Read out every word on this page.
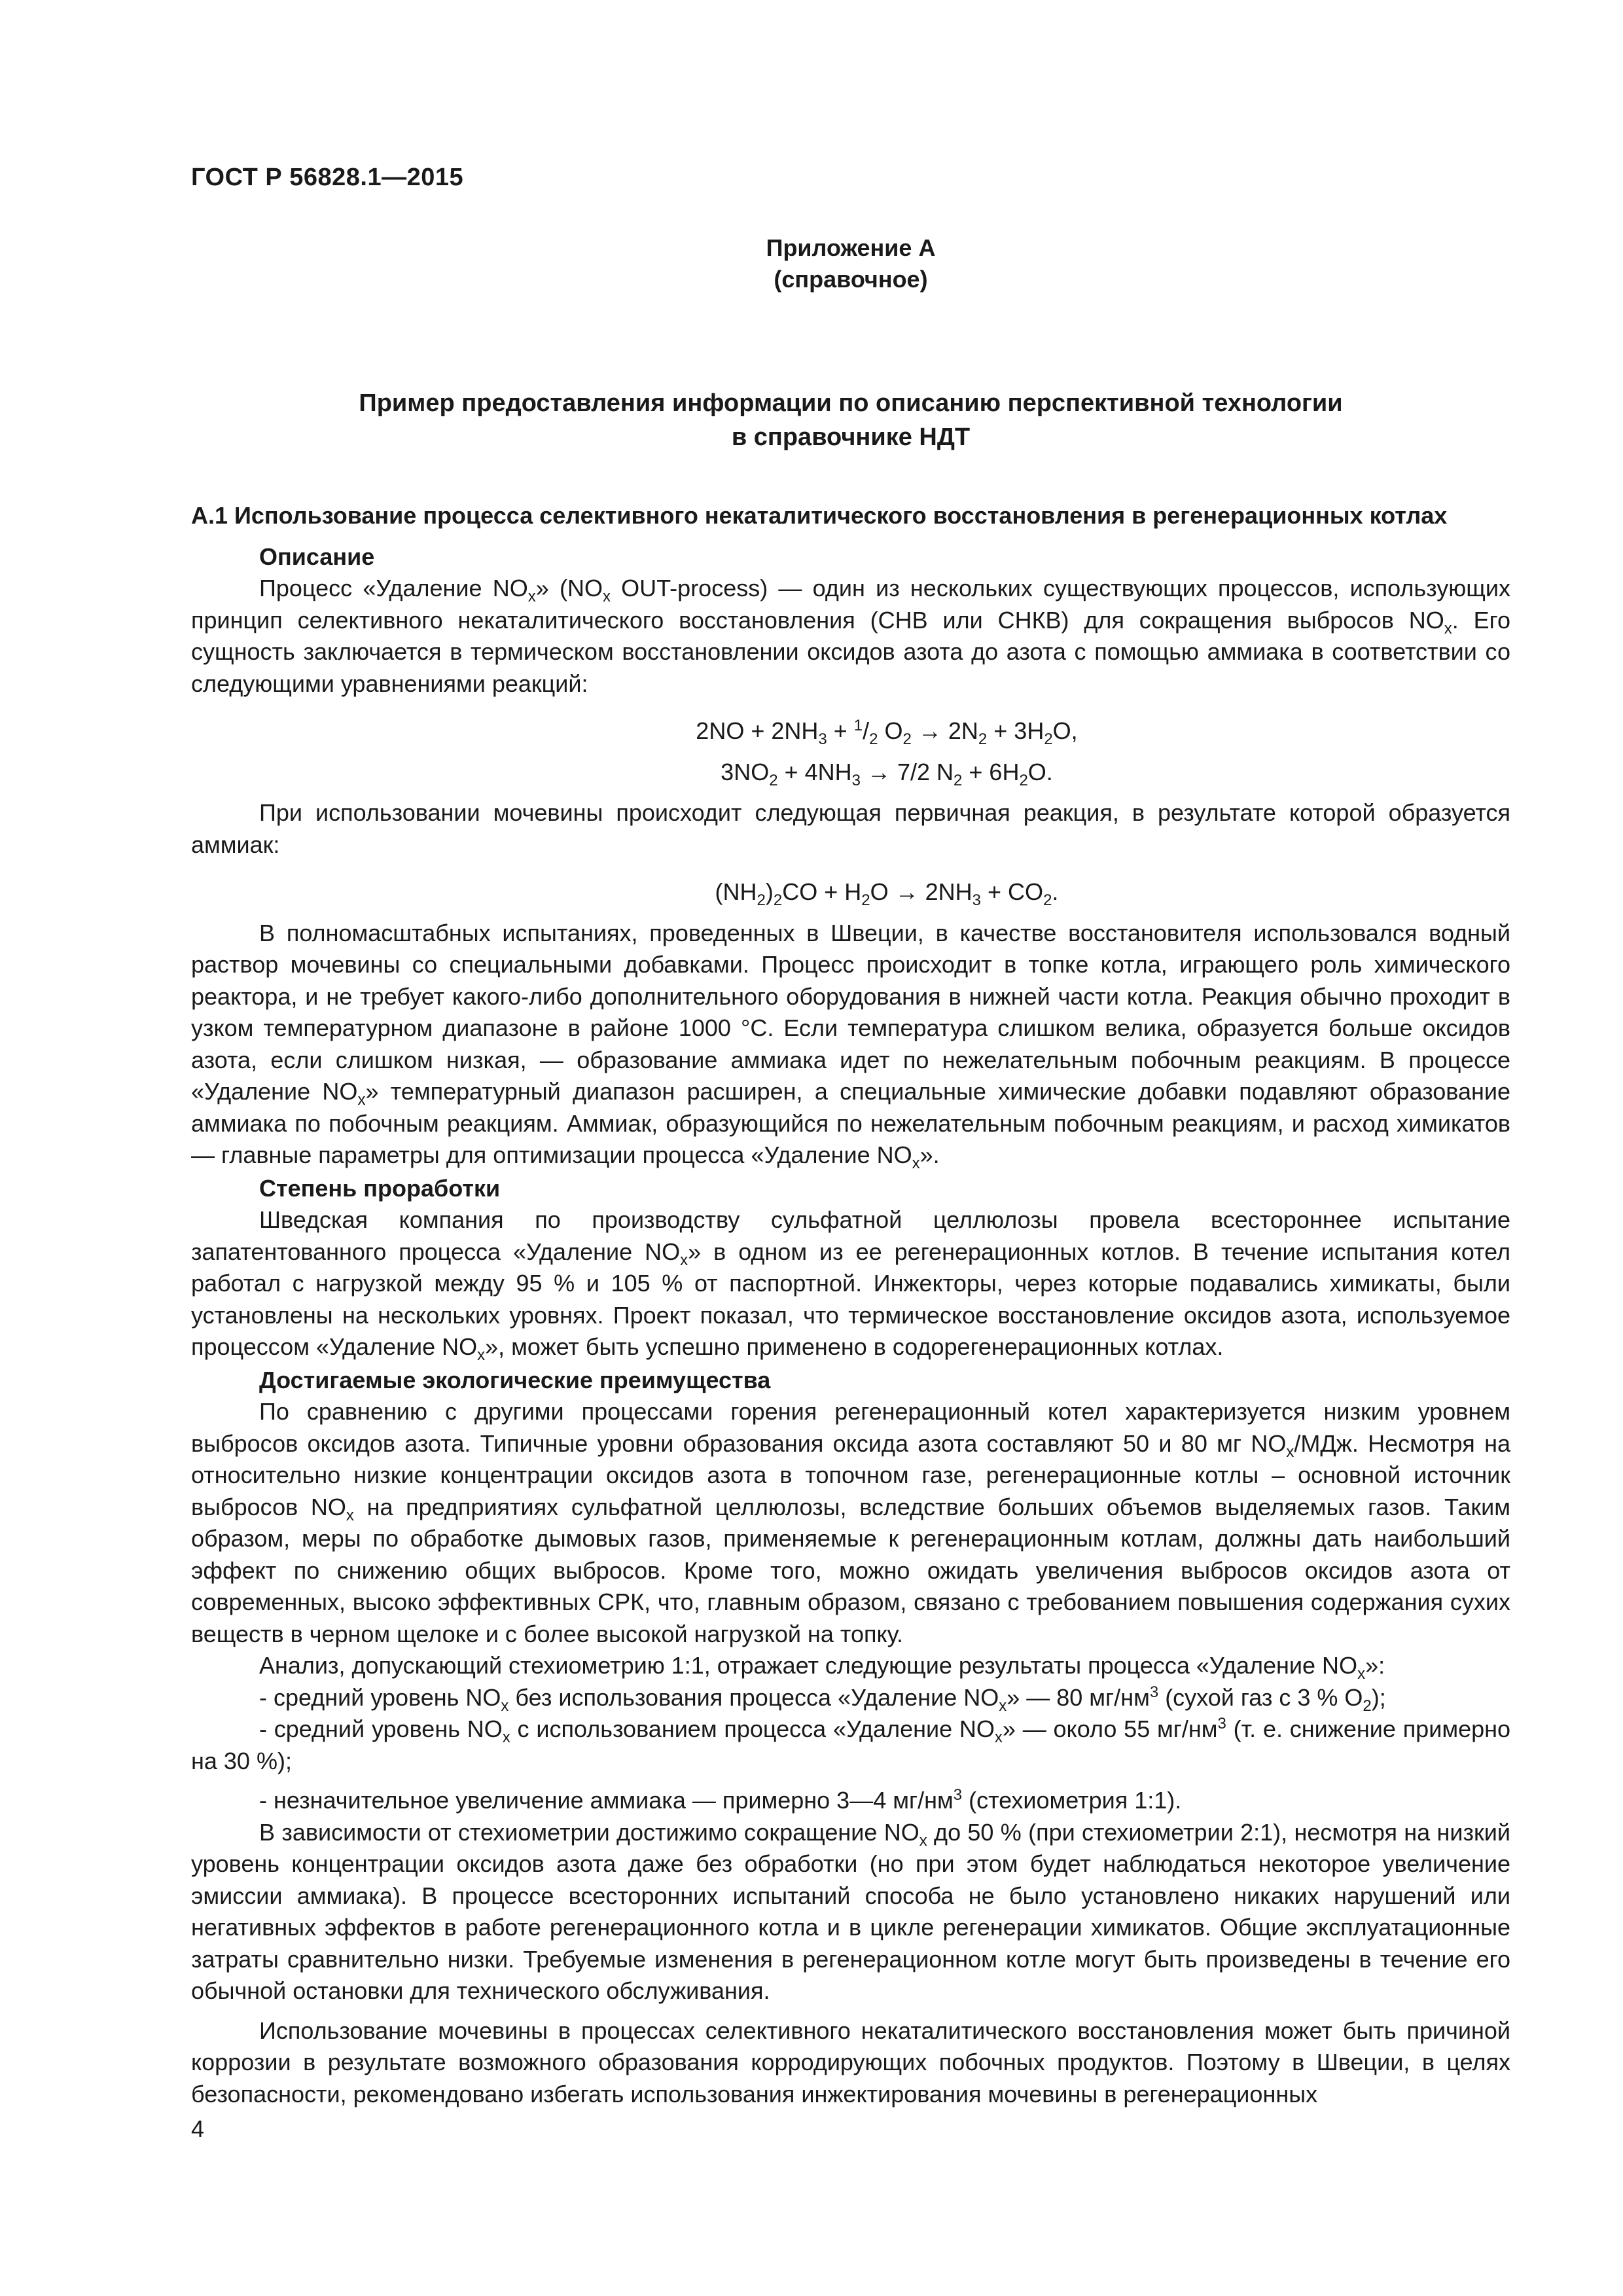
ГОСТ Р 56828.1—2015
Приложение А
(справочное)
Пример предоставления информации по описанию перспективной технологии
в справочнике НДТ
А.1 Использование процесса селективного некаталитического восстановления в регенерационных котлах
Описание

Процесс «Удаление $NO_x$» ($NO_x$ OUT-process) — один из нескольких существующих процессов, использующих принцип селективного некаталитического восстановления (СНВ или СНКВ) для сокращения выбросов $NO_x$. Его сущность заключается в термическом восстановлении оксидов азота до азота с помощью аммиака в соответствии со следующими уравнениями реакций:

$2NO + 2NH_3 + ^1/_2$ $O_2 \to 2N_2 + 3H_2O$,
$3NO_2 + 4NH_3 \to 7/2$ $N_2 + 6H_2O$.

При использовании мочевины происходит следующая первичная реакция, в результате которой образуется аммиак:

$(NH_2)_2CO + H_2O \to 2NH_3 + CO_2$.

В полномасштабных испытаниях, проведенных в Швеции, в качестве восстановителя использовался водный раствор мочевины со специальными добавками. Процесс происходит в топке котла, играющего роль химического реактора, и не требует какого-либо дополнительного оборудования в нижней части котла. Реакция обычно проходит в узком температурном диапазоне в районе 1000 °С. Если температура слишком велика, образуется больше оксидов азота, если слишком низкая, — образование аммиака идет по нежелательным побочным реакциям. В процессе «Удаление $NO_x$» температурный диапазон расширен, а специальные химические добавки подавляют образование аммиака по побочным реакциям. Аммиак, образующийся по нежелательным побочным реакциям, и расход химикатов — главные параметры для оптимизации процесса «Удаление $NO_x$».

Степень проработки

Шведская компания по производству сульфатной целлюлозы провела всестороннее испытание запатентованного процесса «Удаление $NO_x$» в одном из ее регенерационных котлов. В течение испытания котел работал с нагрузкой между 95 % и 105 % от паспортной. Инжекторы, через которые подавались химикаты, были установлены на нескольких уровнях. Проект показал, что термическое восстановление оксидов азота, используемое процессом «Удаление $NO_x$», может быть успешно применено в содорегенерационных котлах.

Достигаемые экологические преимущества

По сравнению с другими процессами горения регенерационный котел характеризуется низким уровнем выбросов оксидов азота. Типичные уровни образования оксида азота составляют 50 и 80 мг $NO_x$/МДж. Несмотря на относительно низкие концентрации оксидов азота в топочном газе, регенерационные котлы – основной источник выбросов $NO_x$ на предприятиях сульфатной целлюлозы, вследствие больших объемов выделяемых газов. Таким образом, меры по обработке дымовых газов, применяемые к регенерационным котлам, должны дать наибольший эффект по снижению общих выбросов. Кроме того, можно ожидать увеличения выбросов оксидов азота от современных, высоко эффективных СРК, что, главным образом, связано с требованием повышения содержания сухих веществ в черном щелоке и с более высокой нагрузкой на топку.

Анализ, допускающий стехиометрию 1:1, отражает следующие результаты процесса «Удаление $NO_x$»:

- средний уровень $NO_x$ без использования процесса «Удаление $NO_x$» — 80 $мг/нм^3$ (сухой газ с 3 % $O_2$);

- средний уровень $NO_x$ с использованием процесса «Удаление $NO_x$» — около 55 $мг/нм^3$ (т. е. снижение примерно на 30 %);

- незначительное увеличение аммиака — примерно 3—4 $мг/нм^3$ (стехиометрия 1:1).

В зависимости от стехиометрии достижимо сокращение $NO_x$ до 50 % (при стехиометрии 2:1), несмотря на низкий уровень концентрации оксидов азота даже без обработки (но при этом будет наблюдаться некоторое увеличение эмиссии аммиака). В процессе всесторонних испытаний способа не было установлено никаких нарушений или негативных эффектов в работе регенерационного котла и в цикле регенерации химикатов. Общие эксплуатационные затраты сравнительно низки. Требуемые изменения в регенерационном котле могут быть произведены в течение его обычной остановки для технического обслуживания.

Использование мочевины в процессах селективного некаталитического восстановления может быть причиной коррозии в результате возможного образования корродирующих побочных продуктов. Поэтому в Швеции, в целях безопасности, рекомендовано избегать использования инжектирования мочевины в регенерационных

4
